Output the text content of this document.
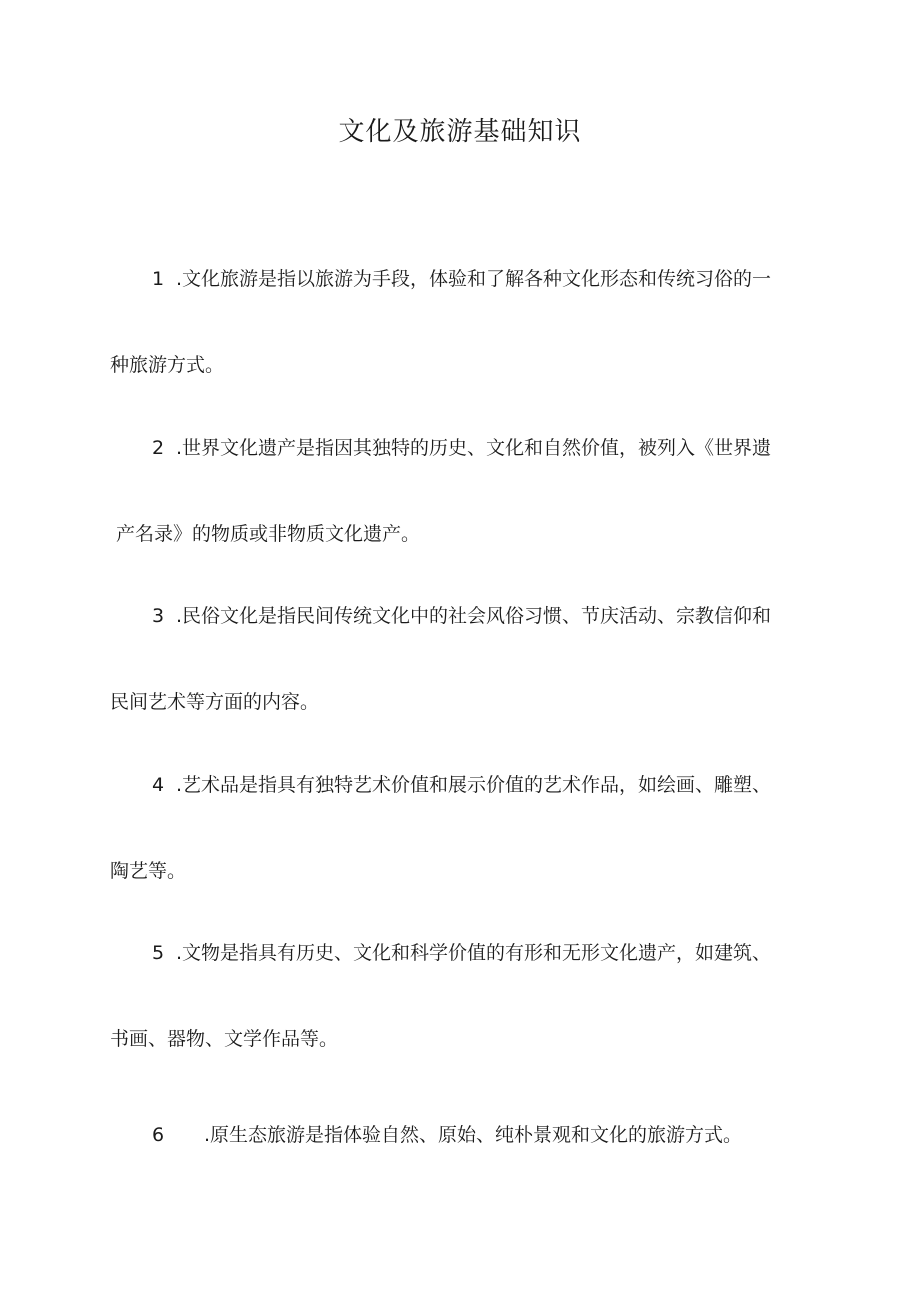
文化及旅游基础知识

1 .文化旅游是指以旅游为手段，体验和了解各种文化形态和传统习俗的一
种旅游方式。

2 .世界文化遗产是指因其独特的历史、文化和自然价值，被列入《世界遗
产名录》的物质或非物质文化遗产。

3 .民俗文化是指民间传统文化中的社会风俗习惯、节庆活动、宗教信仰和
民间艺术等方面的内容。

4 .艺术品是指具有独特艺术价值和展示价值的艺术作品，如绘画、雕塑、
陶艺等。

5 .文物是指具有历史、文化和科学价值的有形和无形文化遗产，如建筑、
书画、器物、文学作品等。

6 .原生态旅游是指体验自然、原始、纯朴景观和文化的旅游方式。
